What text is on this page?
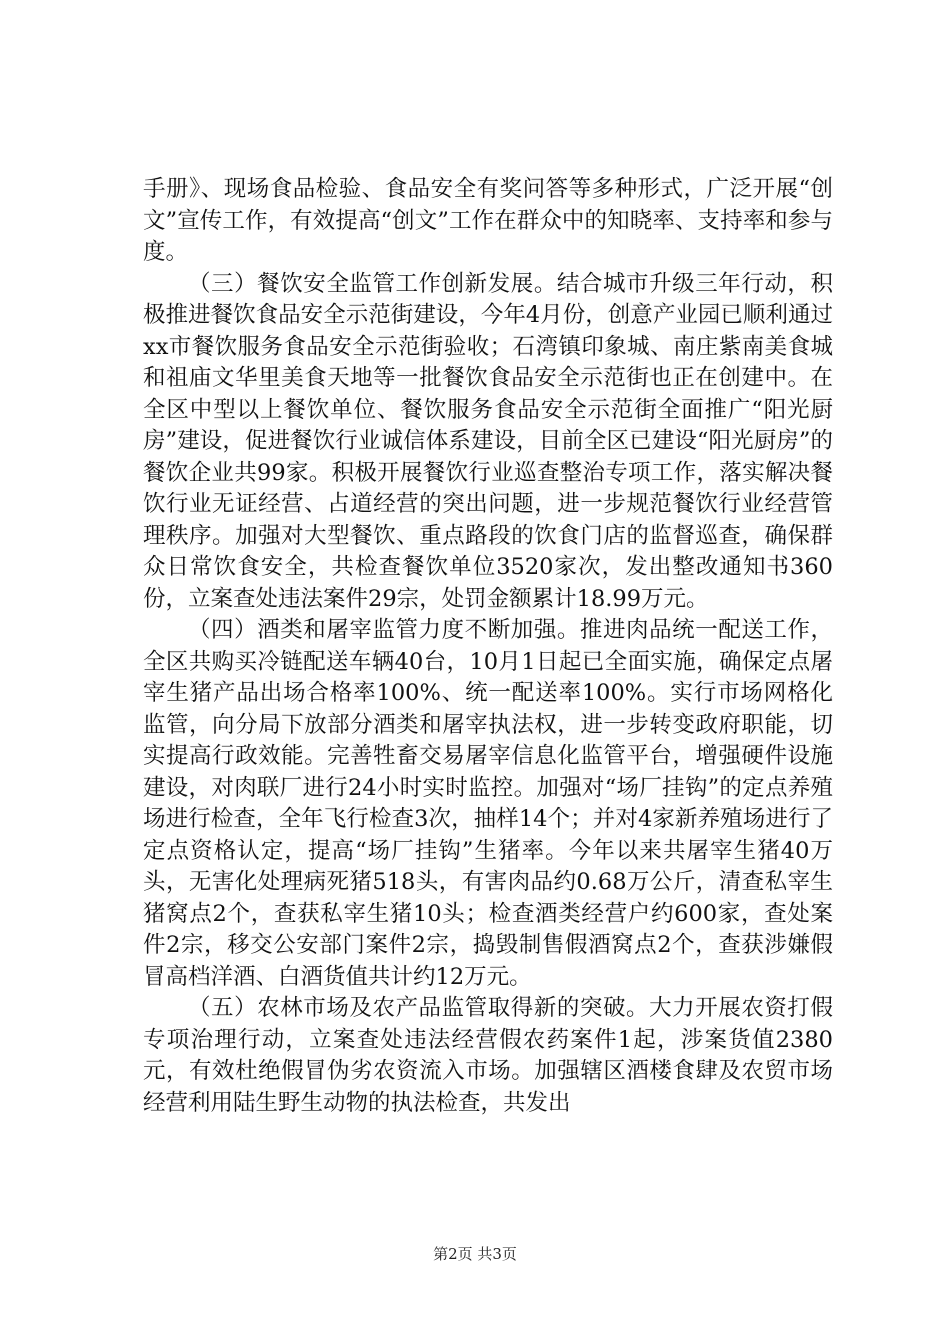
手册》、现场食品检验、食品安全有奖问答等多种形式，广泛开展“创文”宣传工作，有效提高“创文”工作在群众中的知晓率、支持率和参与度。

（三）餐饮安全监管工作创新发展。结合城市升级三年行动，积极推进餐饮食品安全示范街建设，今年4月份，创意产业园已顺利通过xx市餐饮服务食品安全示范街验收；石湾镇印象城、南庄紫南美食城和祖庙文华里美食天地等一批餐饮食品安全示范街也正在创建中。在全区中型以上餐饮单位、餐饮服务食品安全示范街全面推广“阳光厨房”建设，促进餐饮行业诚信体系建设，目前全区已建设“阳光厨房”的餐饮企业共99家。积极开展餐饮行业巡查整治专项工作，落实解决餐饮行业无证经营、占道经营的突出问题，进一步规范餐饮行业经营管理秩序。加强对大型餐饮、重点路段的饮食门店的监督巡查，确保群众日常饮食安全，共检查餐饮单位3520家次，发出整改通知书360份，立案查处违法案件29宗，处罚金额累计18.99万元。

（四）酒类和屠宰监管力度不断加强。推进肉品统一配送工作，全区共购买冷链配送车辆40台，10月1日起已全面实施，确保定点屠宰生猪产品出场合格率100%、统一配送率100%。实行市场网格化监管，向分局下放部分酒类和屠宰执法权，进一步转变政府职能，切实提高行政效能。完善牲畜交易屠宰信息化监管平台，增强硬件设施建设，对肉联厂进行24小时实时监控。加强对“场厂挂钩”的定点养殖场进行检查，全年飞行检查3次，抽样14个；并对4家新养殖场进行了定点资格认定，提高“场厂挂钩”生猪率。今年以来共屠宰生猪40万头，无害化处理病死猪518头，有害肉品约0.68万公斤，清查私宰生猪窝点2个，查获私宰生猪10头；检查酒类经营户约600家，查处案件2宗，移交公安部门案件2宗，捣毁制售假酒窝点2个，查获涉嫌假冒高档洋酒、白酒货值共计约12万元。

（五）农林市场及农产品监管取得新的突破。大力开展农资打假专项治理行动，立案查处违法经营假农药案件1起，涉案货值2380元，有效杜绝假冒伪劣农资流入市场。加强辖区酒楼食肆及农贸市场经营利用陆生野生动物的执法检查，共发出

第2页 共3页
